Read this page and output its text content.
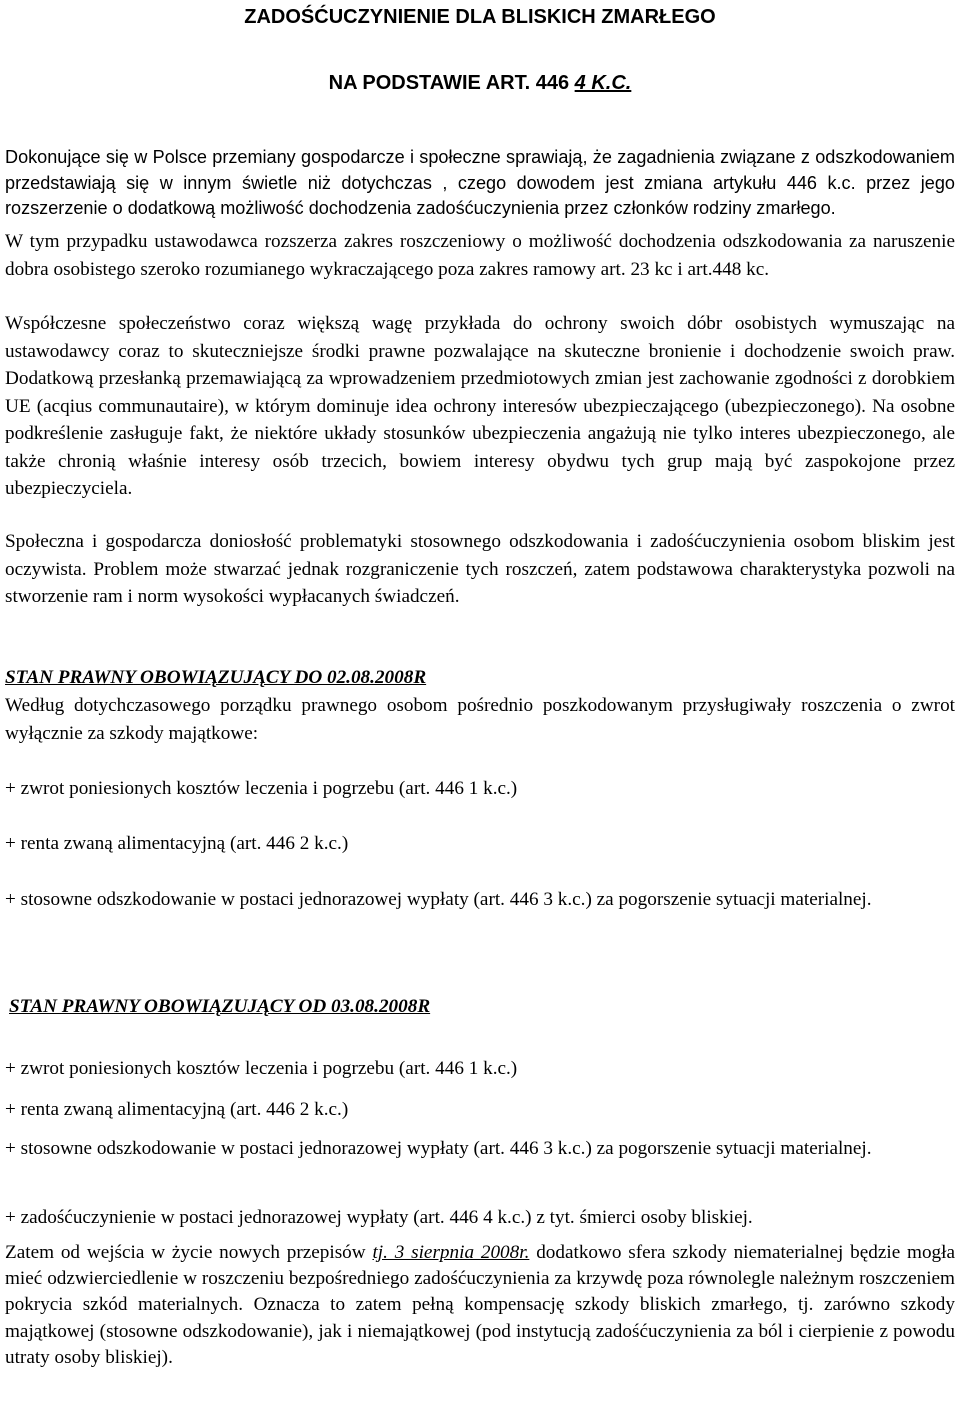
ZADOŚĆUCZYNIENIE DLA BLISKICH ZMARŁEGO
NA PODSTAWIE ART. 446 4 K.C.

Dokonujące się w Polsce przemiany gospodarcze i społeczne sprawiają, że zagadnienia związane z odszkodowaniem przedstawiają się w innym świetle niż dotychczas , czego dowodem jest zmiana artykułu 446 k.c. przez jego rozszerzenie o dodatkową możliwość dochodzenia zadośćuczynienia przez członków rodziny zmarłego.

W tym przypadku ustawodawca rozszerza zakres roszczeniowy o możliwość dochodzenia odszkodowania za naruszenie dobra osobistego szeroko rozumianego wykraczającego poza zakres ramowy art. 23 kc i art.448 kc.

Współczesne społeczeństwo coraz większą wagę przykłada do ochrony swoich dóbr osobistych wymuszając na ustawodawcy coraz to skuteczniejsze środki prawne pozwalające na skuteczne bronienie i dochodzenie swoich praw. Dodatkową przesłanką przemawiającą za wprowadzeniem przedmiotowych zmian jest zachowanie zgodności z dorobkiem UE (acqius communautaire), w którym dominuje idea ochrony interesów ubezpieczającego (ubezpieczonego). Na osobne podkreślenie zasługuje fakt, że niektóre układy stosunków ubezpieczenia angażują nie tylko interes ubezpieczonego, ale także chronią właśnie interesy osób trzecich, bowiem interesy obydwu tych grup mają być zaspokojone przez ubezpieczyciela.

Społeczna i gospodarcza doniosłość problematyki stosownego odszkodowania i zadośćuczynienia osobom bliskim jest oczywista. Problem może stwarzać jednak rozgraniczenie tych roszczeń, zatem podstawowa charakterystyka pozwoli na stworzenie ram i norm wysokości wypłacanych świadczeń.

STAN PRAWNY OBOWIĄZUJĄCY DO 02.08.2008R

Według dotychczasowego porządku prawnego osobom pośrednio poszkodowanym przysługiwały roszczenia o zwrot wyłącznie za szkody majątkowe:

+ zwrot poniesionych kosztów leczenia i pogrzebu (art. 446 1 k.c.)
+ renta zwaną alimentacyjną (art. 446 2 k.c.)
+ stosowne odszkodowanie w postaci jednorazowej wypłaty (art. 446 3 k.c.) za pogorszenie sytuacji materialnej.
STAN PRAWNY OBOWIĄZUJĄCY OD 03.08.2008R
+ zwrot poniesionych kosztów leczenia i pogrzebu (art. 446 1 k.c.)
+ renta zwaną alimentacyjną (art. 446 2 k.c.)
+ stosowne odszkodowanie w postaci jednorazowej wypłaty (art. 446 3 k.c.) za pogorszenie sytuacji materialnej.
+ zadośćuczynienie w postaci jednorazowej wypłaty (art. 446 4 k.c.) z tyt. śmierci osoby bliskiej.

Zatem od wejścia w życie nowych przepisów tj. 3 sierpnia 2008r. dodatkowo sfera szkody niematerialnej będzie mogła mieć odzwierciedlenie w roszczeniu bezpośredniego zadośćuczynienia za krzywdę poza równolegle należnym roszczeniem pokrycia szkód materialnych. Oznacza to zatem pełną kompensację szkody bliskich zmarłego, tj. zarówno szkody majątkowej (stosowne odszkodowanie), jak i niemajątkowej (pod instytucją zadośćuczynienia za ból i cierpienie z powodu utraty osoby bliskiej).
